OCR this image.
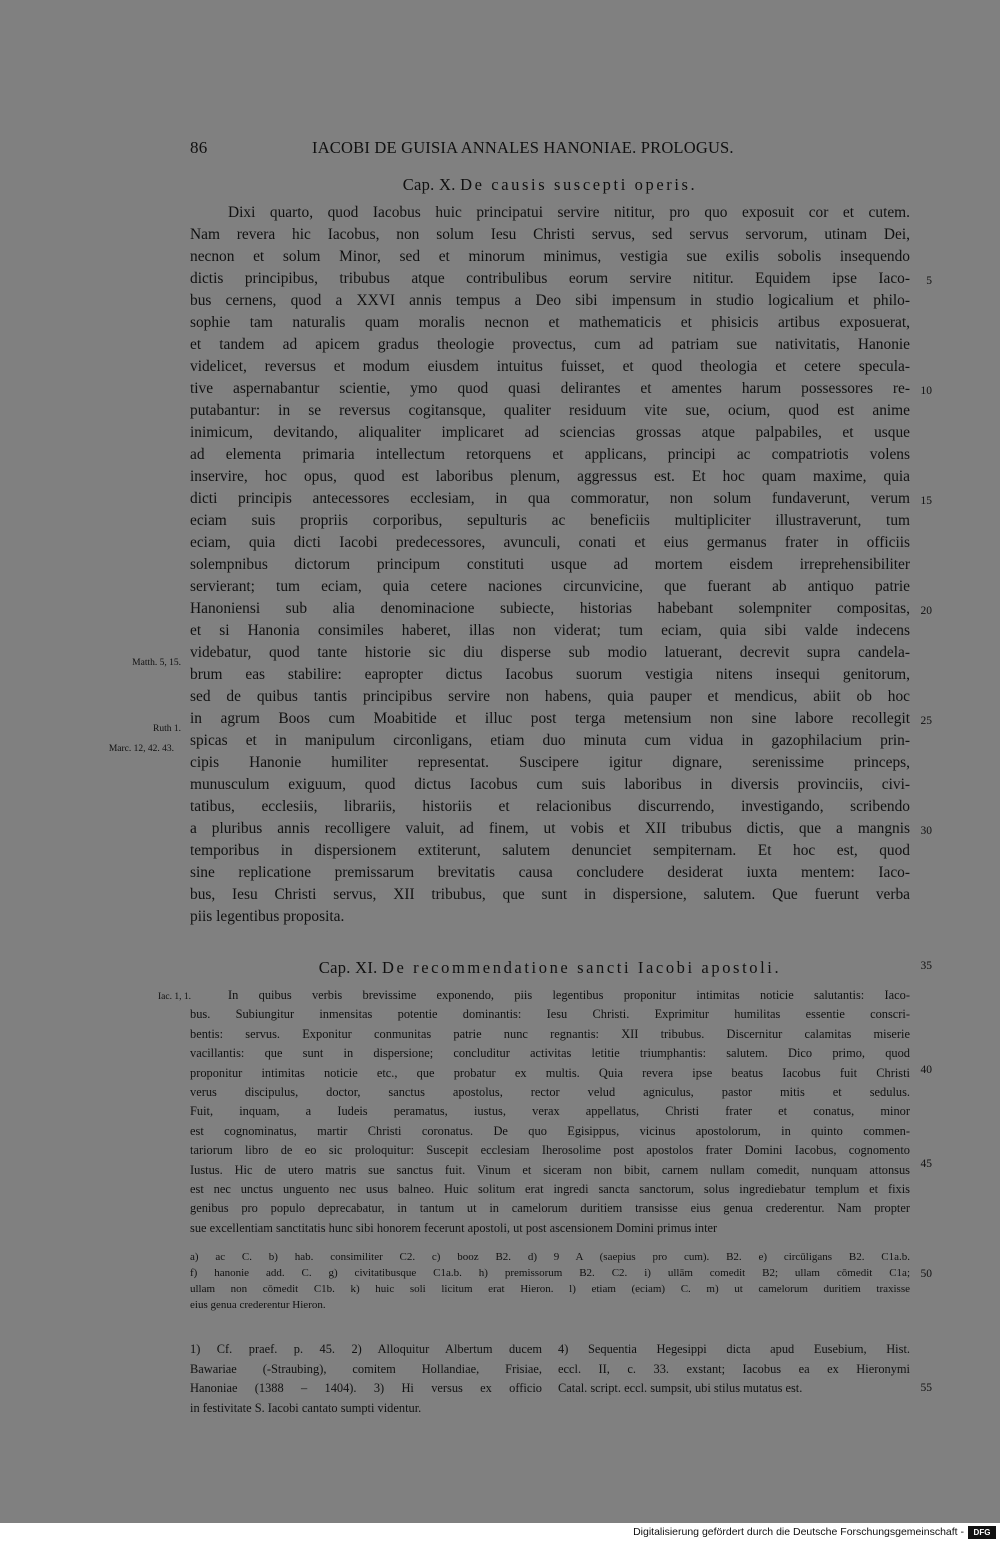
86	IACOBI DE GUISIA ANNALES HANONIAE. PROLOGUS.
Cap. X. De causis suscepti operis.
Dixi quarto, quod Iacobus huic principatui servire nititur, pro quo exposuit cor et cutem.
Nam revera hic Iacobus, non solum Iesu Christi servus, sed servus servorum, utinam Dei,
necnon et solum Minor, sed et minorum minimus, vestigia sue exilis sobolis insequendo
dictis principibus, tribubus atque contribulibus eorum servire nititur. Equidem ipse Iaco-
bus cernens, quod a XXVI annis tempus a Deo sibi impensum in studio logicalium et philo-
sophie tam naturalis quam moralis necnon et mathematicis et phisicis artibus exposuerat,
et tandem ad apicem gradus theologie provectus, cum ad patriam sue nativitatis, Hanonie
videlicet, reversus et modum eiusdem intuitus fuisset, et quod theologia et cetere specula-
tive aspernabantur scientie, ymo quod quasi delirantes et amentes harum possessores re-
putabantur: in se reversus cogitansque, qualiter residuum vite sue, ocium, quod est anime
inimicum, devitando, aliqualiter implicaret ad sciencias grossas atque palpabiles, et usque
ad elementa primaria intellectum retorquens et applicans, principi ac compatriotis volens
inservire, hoc opus, quod est laboribus plenum, aggressus est. Et hoc quam maxime, quia
dicti principis antecessores ecclesiam, in qua commoratur, non solum fundaverunt, verum
eciam suis propriis corporibus, sepulturis ac beneficiis multipliciter illustraverunt, tum
eciam, quia dicti Iacobi predecessores, avunculi, conati et eius germanus frater in officiis
solempnibus dictorum principum constituti usque ad mortem eisdem irreprehensibiliter
servierant; tum eciam, quia cetere naciones circunvicine, que fuerant ab antiquo patrie
Hanoniensi sub alia denominacione subiecte, historias habebant solempniter compositas,
et si Hanonia consimiles haberet, illas non viderat; tum eciam, quia sibi valde indecens
videbatur, quod tante historie sic diu disperse sub modio latuerant, decrevit supra candela-
brum eas stabilire: eapropter dictus Iacobus suorum vestigia nitens insequi genitorum,
sed de quibus tantis principibus servire non habens, quia pauper et mendicus, abiit ob hoc
in agrum Boos cum Moabitide et illuc post terga metensium non sine labore recollegit
spicas et in manipulum circonligans, etiam duo minuta cum vidua in gazophilacium prin-
cipis Hanonie humiliter representat. Suscipere igitur dignare, serenissime princeps,
munusculum exiguum, quod dictus Iacobus cum suis laboribus in diversis provinciis, civi-
tatibus, ecclesiis, librariis, historiis et relacionibus discurrendo, investigando, scribendo
a pluribus annis recolligere valuit, ad finem, ut vobis et XII tribubus dictis, que a mangnis
temporibus in dispersionem extiterunt, salutem denunciet sempiternam. Et hoc est, quod
sine replicatione premissarum brevitatis causa concludere desiderat iuxta mentem: Iaco-
bus, Iesu Christi servus, XII tribubus, que sunt in dispersione, salutem. Que fuerunt verba
piis legentibus proposita.
Cap. XI. De recommendatione sancti Iacobi apostoli.
In quibus verbis brevissime exponendo, piis legentibus proponitur intimitas noticie salutantis: Iaco-
bus. Subiungitur inmensitas potentie dominantis: Iesu Christi. Exprimitur humilitas essentie conscri-
bentis: servus. Exponitur conmunitas patrie nunc regnantis: XII tribubus. Discernitur calamitas miserie
vacillantis: que sunt in dispersione; concluditur activitas letitie triumphantis: salutem. Dico primo, quod
proponitur intimitas noticie etc., que probatur ex multis. Quia revera ipse beatus Iacobus fuit Christi
verus discipulus, doctor, sanctus apostolus, rector velud agniculus, pastor mitis et sedulus.
Fuit, inquam, a Iudeis peramatus, iustus, verax appellatus, Christi frater et conatus, minor
est cognominatus, martir Christi coronatus. De quo Egisippus, vicinus apostolorum, in quinto commen-
tariorum libro de eo sic proloquitur: Suscepit ecclesiam Iherosolime post apostolos frater Domini Iacobus, cognomento
Iustus. Hic de utero matris sue sanctus fuit. Vinum et siceram non bibit, carnem nullam comedit, nunquam attonsus
est nec unctus unguento nec usus balneo. Huic solitum erat ingredi sancta sanctorum, solus ingrediebatur templum et fixis
genibus pro populo deprecabatur, in tantum ut in camelorum duritiem transisse eius genua crederentur. Nam propter
sue excellentiam sanctitatis hunc sibi honorem fecerunt apostoli, ut post ascensionem Domini primus inter
a) ac C. b) hab. consimiliter C2. c) booz B2. d) 9 A (saepius pro cum). B2. e) circūligans B2. C1a.b.
f) hanonie add. C. g) civitatibusque C1a.b. h) premissorum B2. C2. i) ullām comedit B2; ullam cōmedit C1a;
ullam non cōmedit C1b. k) huic soli licitum erat Hieron. l) etiam (eciam) C. m) ut camelorum duritiem traxisse
eius genua crederentur Hieron.
1) Cf. praef. p. 45. 2) Alloquitur Albertum ducem
Bawariae (-Straubing), comitem Hollandiae, Frisiae,
Hanoniae (1388 – 1404). 3) Hi versus ex officio
in festivitate S. Iacobi cantato sumpti videntur.
4) Sequentia Hegesippi dicta apud Eusebium, Hist.
eccl. II, c. 33. exstant; Iacobus ea ex Hieronymi
Catal. script. eccl. sumpsit, ubi stilus mutatus est.
5
10
15
20
25
30
35
40
45
50
55
Matth. 5, 15.
Ruth 1.
Marc. 12, 42. 43.
Iac. 1, 1.
Digitalisierung gefördert durch die Deutsche Forschungsgemeinschaft -	DFG
